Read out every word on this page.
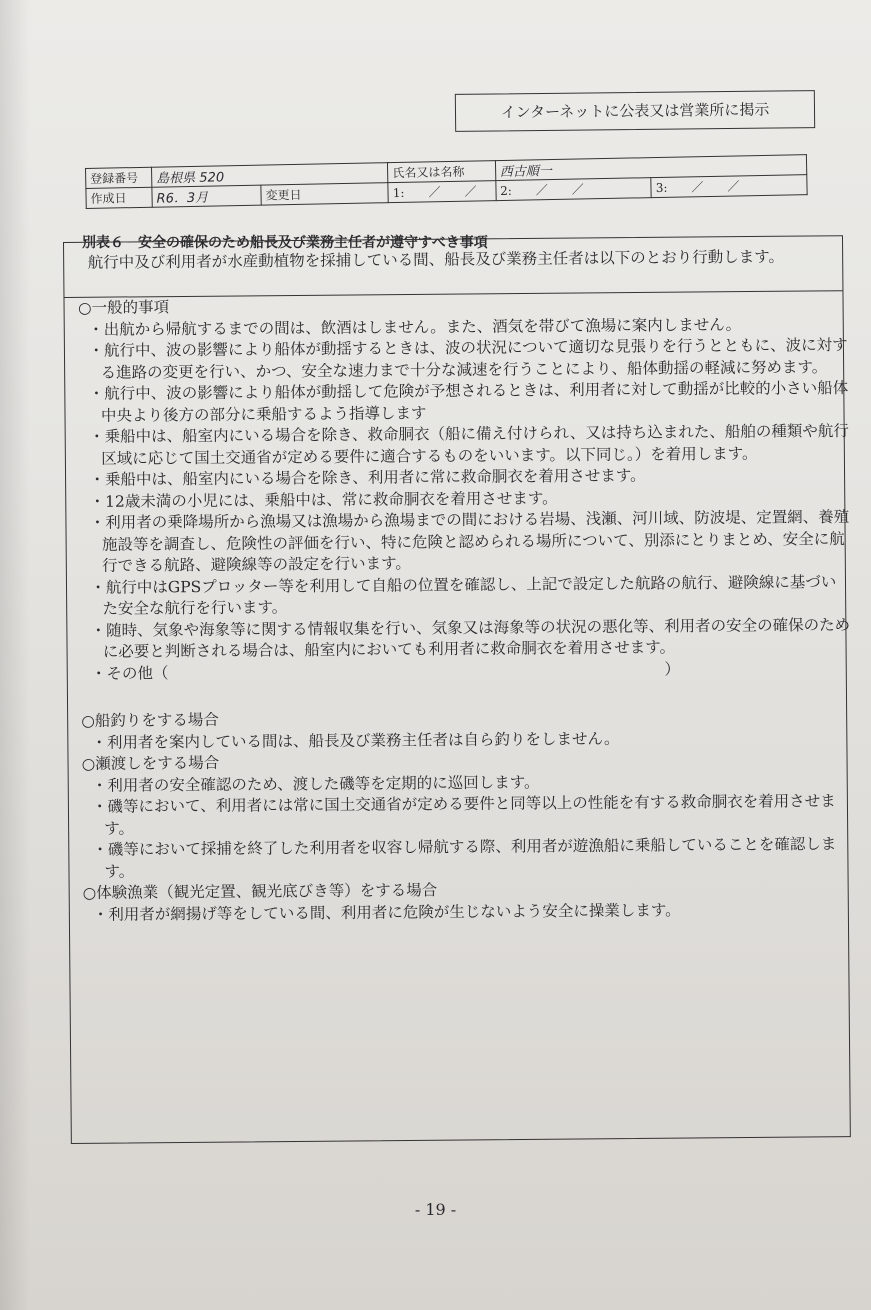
インターネットに公表又は営業所に掲示
登録番号	島根県 520		氏名又は名称	西古順一	
作成日	R6．3月	変更日	1:　　／　　／	2:　　／　　／	3:　　／　　／
別表６　安全の確保のため船長及び業務主任者が遵守すべき事項
航行中及び利用者が水産動植物を採捕している間、船長及び業務主任者は以下のとおり行動します。

○一般的事項

・出航から帰航するまでの間は、飲酒はしません。また、酒気を帯びて漁場に案内しません。

・航行中、波の影響により船体が動揺するときは、波の状況について適切な見張りを行うとともに、波に対する進路の変更を行い、かつ、安全な速力まで十分な減速を行うことにより、船体動揺の軽減に努めます。

・航行中、波の影響により船体が動揺して危険が予想されるときは、利用者に対して動揺が比較的小さい船体中央より後方の部分に乗船するよう指導します

・乗船中は、船室内にいる場合を除き、救命胴衣（船に備え付けられ、又は持ち込まれた、船舶の種類や航行区域に応じて国土交通省が定める要件に適合するものをいいます。以下同じ。）を着用します。

・乗船中は、船室内にいる場合を除き、利用者に常に救命胴衣を着用させます。

・12歳未満の小児には、乗船中は、常に救命胴衣を着用させます。

・利用者の乗降場所から漁場又は漁場から漁場までの間における岩場、浅瀬、河川域、防波堤、定置網、養殖施設等を調査し、危険性の評価を行い、特に危険と認められる場所について、別添にとりまとめ、安全に航行できる航路、避険線等の設定を行います。

・航行中はGPSプロッター等を利用して自船の位置を確認し、上記で設定した航路の航行、避険線に基づいた安全な航行を行います。

・随時、気象や海象等に関する情報収集を行い、気象又は海象等の状況の悪化等、利用者の安全の確保のために必要と判断される場合は、船室内においても利用者に救命胴衣を着用させます。

・その他（　　　　　　　　　　　　　　　　　　　　　　　　　　　　　　　　）

○船釣りをする場合

・利用者を案内している間は、船長及び業務主任者は自ら釣りをしません。

○瀬渡しをする場合

・利用者の安全確認のため、渡した磯等を定期的に巡回します。

・磯等において、利用者には常に国土交通省が定める要件と同等以上の性能を有する救命胴衣を着用させます。

・磯等において採捕を終了した利用者を収容し帰航する際、利用者が遊漁船に乗船していることを確認します。

○体験漁業（観光定置、観光底びき等）をする場合

・利用者が網揚げ等をしている間、利用者に危険が生じないよう安全に操業します。

- 19 -
